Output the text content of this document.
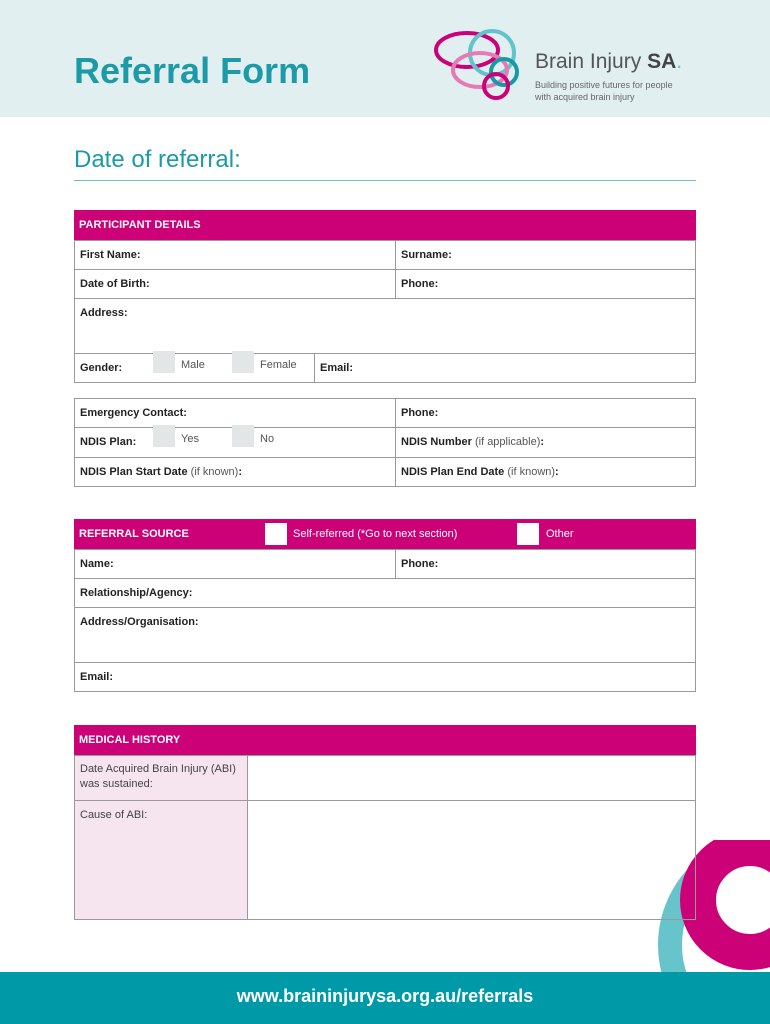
Referral Form	Brain Injury SA.
Building positive futures for people with acquired brain injury
Date of referral:
PARTICIPANT DETAILS
First Name:	Surname:
Date of Birth:	Phone:
Address:
Gender:	Male	Female	Email:
Emergency Contact:	Phone:
NDIS Plan:	Yes	No	NDIS Number (if applicable):
NDIS Plan Start Date (if known):	NDIS Plan End Date (if known):
REFERRAL SOURCE	Self-referred (*Go to next section)	Other
Name:	Phone:
Relationship/Agency:
Address/Organisation:
Email:
MEDICAL HISTORY
Date Acquired Brain Injury (ABI) was sustained:
Cause of ABI:
www.braininjurysa.org.au/referrals
